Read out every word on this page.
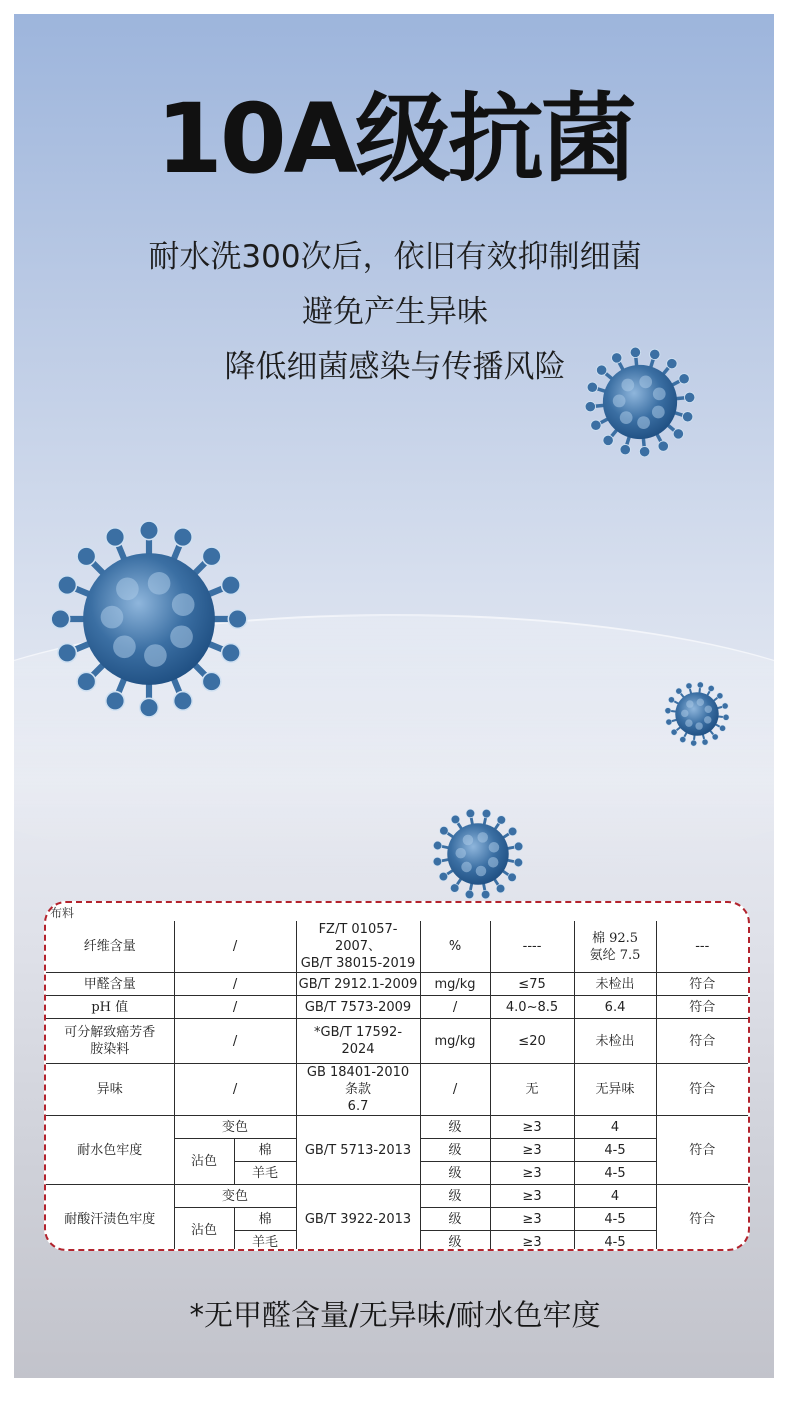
10A级抗菌
耐水洗300次后，依旧有效抑制细菌
避免产生异味
降低细菌感染与传播风险
布料
纤维含量	/		FZ/T 01057-2007、
GB/T 38015-2019	%	----	棉 92.5
氨纶 7.5	---
甲醛含量	/		GB/T 2912.1-2009	mg/kg	≤75	未检出	符合
pH 值	/		GB/T 7573-2009	/	4.0~8.5	6.4	符合
可分解致癌芳香
胺染料	/		*GB/T 17592-2024	mg/kg	≤20	未检出	符合
异味	/		GB 18401-2010 条款
6.7	/	无	无异味	符合
耐水色牢度	变色		GB/T 5713-2013	级	≥3	4	符合
	沾色	棉		级	≥3	4-5	
		羊毛		级	≥3	4-5	
耐酸汗渍色牢度	变色		GB/T 3922-2013	级	≥3	4	符合
	沾色	棉		级	≥3	4-5	
		羊毛		级	≥3	4-5	
*无甲醛含量/无异味/耐水色牢度
